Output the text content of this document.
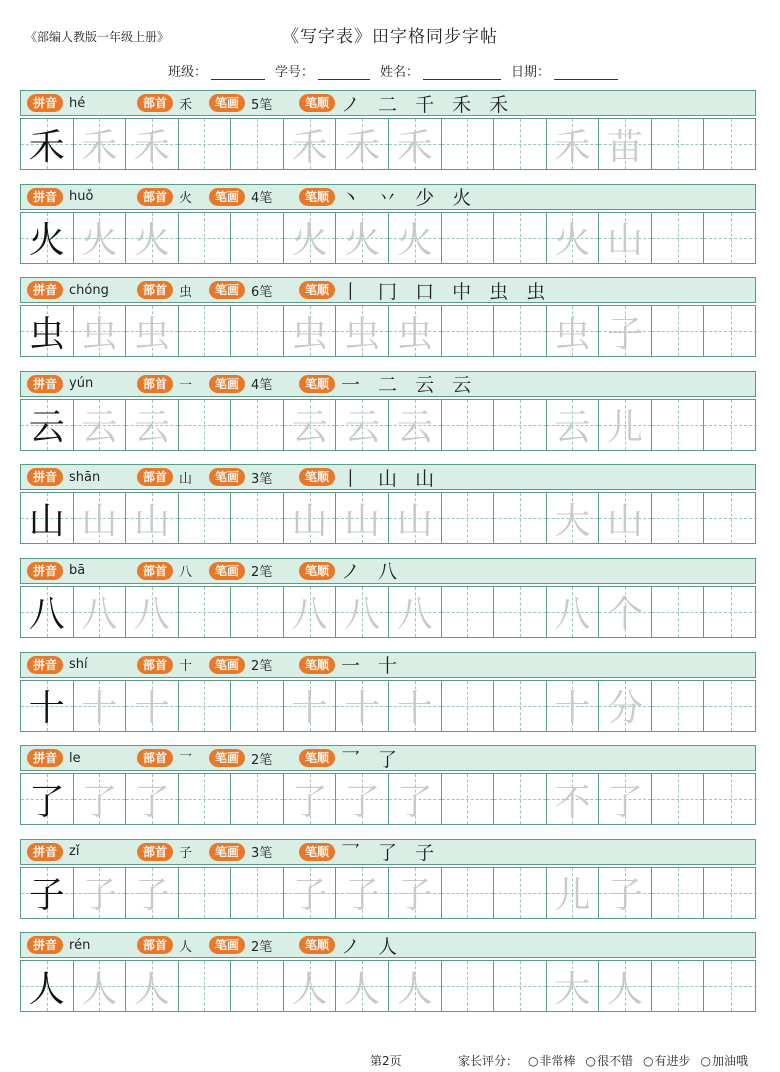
《部编人教版一年级上册》	《写字表》田字格同步字帖
班级：	学号：	姓名：	日期：
拼音 hé	部首 禾	笔画 5笔	笔顺 ノ 二 千 禾 禾
禾 禾 禾	禾 禾 禾	禾 苗
拼音 huǒ	部首 火	笔画 4笔	笔顺 丶 丷 少 火
火 火 火	火 火 火	火 山
拼音 chóng	部首 虫	笔画 6笔	笔顺 丨 冂 口 中 虫 虫
虫 虫 虫	虫 虫 虫	虫 子
拼音 yún	部首 一	笔画 4笔	笔顺 一 二 云 云
云 云 云	云 云 云	云 儿
拼音 shān	部首 山	笔画 3笔	笔顺 丨 山 山
山 山 山	山 山 山	大 山
拼音 bā	部首 八	笔画 2笔	笔顺 ノ 八
八 八 八	八 八 八	八 个
拼音 shí	部首 十	笔画 2笔	笔顺 一 十
十 十 十	十 十 十	十 分
拼音 le	部首 乛	笔画 2笔	笔顺 乛 了
了 了 了	了 了 了	不 了
拼音 zǐ	部首 子	笔画 3笔	笔顺 乛 了 子
子 子 子	子 子 子	儿 子
拼音 rén	部首 人	笔画 2笔	笔顺 ノ 人
人 人 人	人 人 人	大 人
第2页	家长评分：	○ 非常棒	○ 很不错	○ 有进步	○ 加油哦
